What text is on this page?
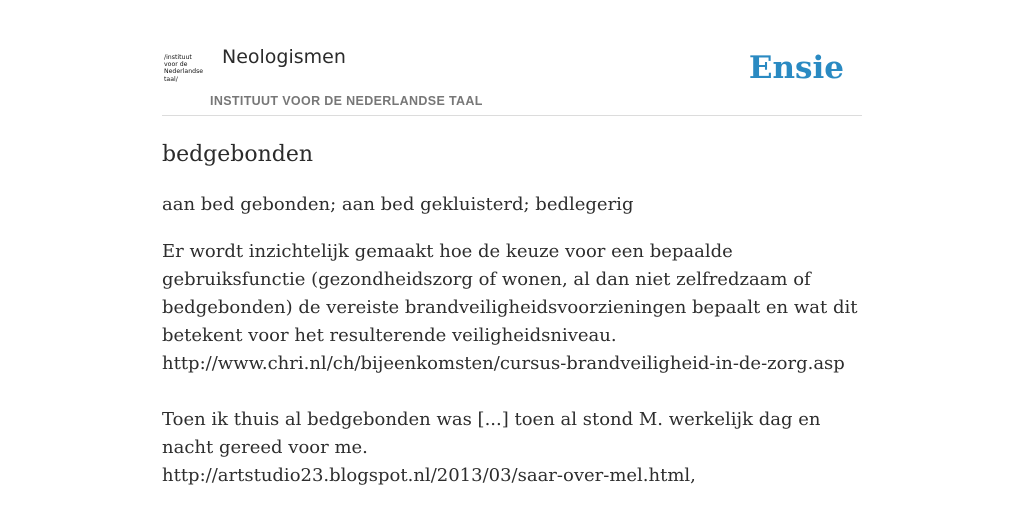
/instituut
voor de
Nederlandse
taal/
Neologismen
INSTITUUT VOOR DE NEDERLANDSE TAAL
Ensie
bedgebonden

aan bed gebonden; aan bed gekluisterd; bedlegerig

Er wordt inzichtelijk gemaakt hoe de keuze voor een bepaalde gebruiksfunctie (gezondheidszorg of wonen, al dan niet zelfredzaam of bedgebonden) de vereiste brandveiligheidsvoorzieningen bepaalt en wat dit betekent voor het resulterende veiligheidsniveau.

http://www.chri.nl/ch/bijeenkomsten/cursus-brandveiligheid-in-de-zorg.asp

Toen ik thuis al bedgebonden was [...] toen al stond M. werkelijk dag en nacht gereed voor me.

http://artstudio23.blogspot.nl/2013/03/saar-over-mel.html,
